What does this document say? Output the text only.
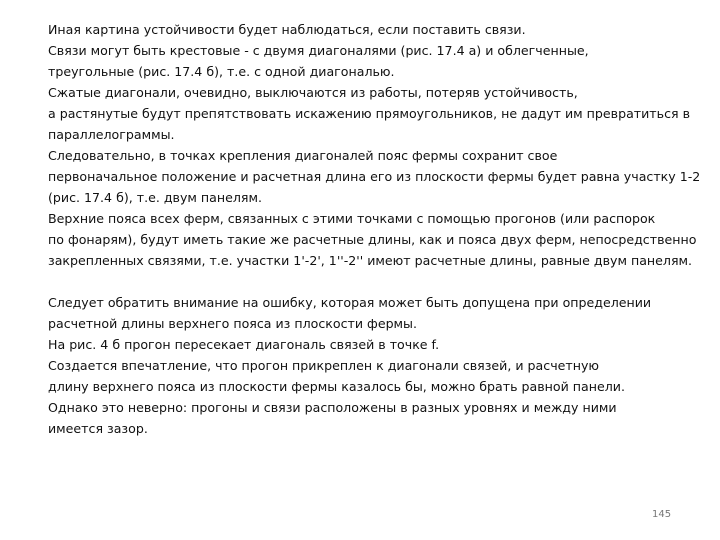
Иная картина устойчивости будет наблюдаться, если поставить связи.
Связи могут быть крестовые - с двумя диагоналями (рис. 17.4 а) и облегченные,
треугольные (рис. 17.4 б), т.е. с одной диагональю.
Сжатые диагонали, очевидно, выключаются из работы, потеряв устойчивость,
а растянутые будут препятствовать искажению прямоугольников, не дадут им превратиться в
параллелограммы.
Следовательно, в точках крепления диагоналей пояс фермы сохранит свое
первоначальное положение и расчетная длина его из плоскости фермы будет равна участку 1-2
(рис. 17.4 б), т.е. двум панелям.
Верхние пояса всех ферм, связанных с этими точками с помощью прогонов (или распорок
по фонарям), будут иметь такие же расчетные длины, как и пояса двух ферм, непосредственно
закрепленных связями, т.е. участки 1'-2', 1''-2'' имеют расчетные длины, равные двум панелям.
Следует обратить внимание на ошибку, которая может быть допущена при определении
расчетной длины верхнего пояса из плоскости фермы.
На рис. 4 б прогон пересекает диагональ связей в точке f.
Создается впечатление, что прогон прикреплен к диагонали связей, и расчетную
длину верхнего пояса из плоскости фермы казалось бы, можно брать равной панели.
Однако это неверно: прогоны и связи расположены в разных уровнях и между ними
имеется зазор.
145
